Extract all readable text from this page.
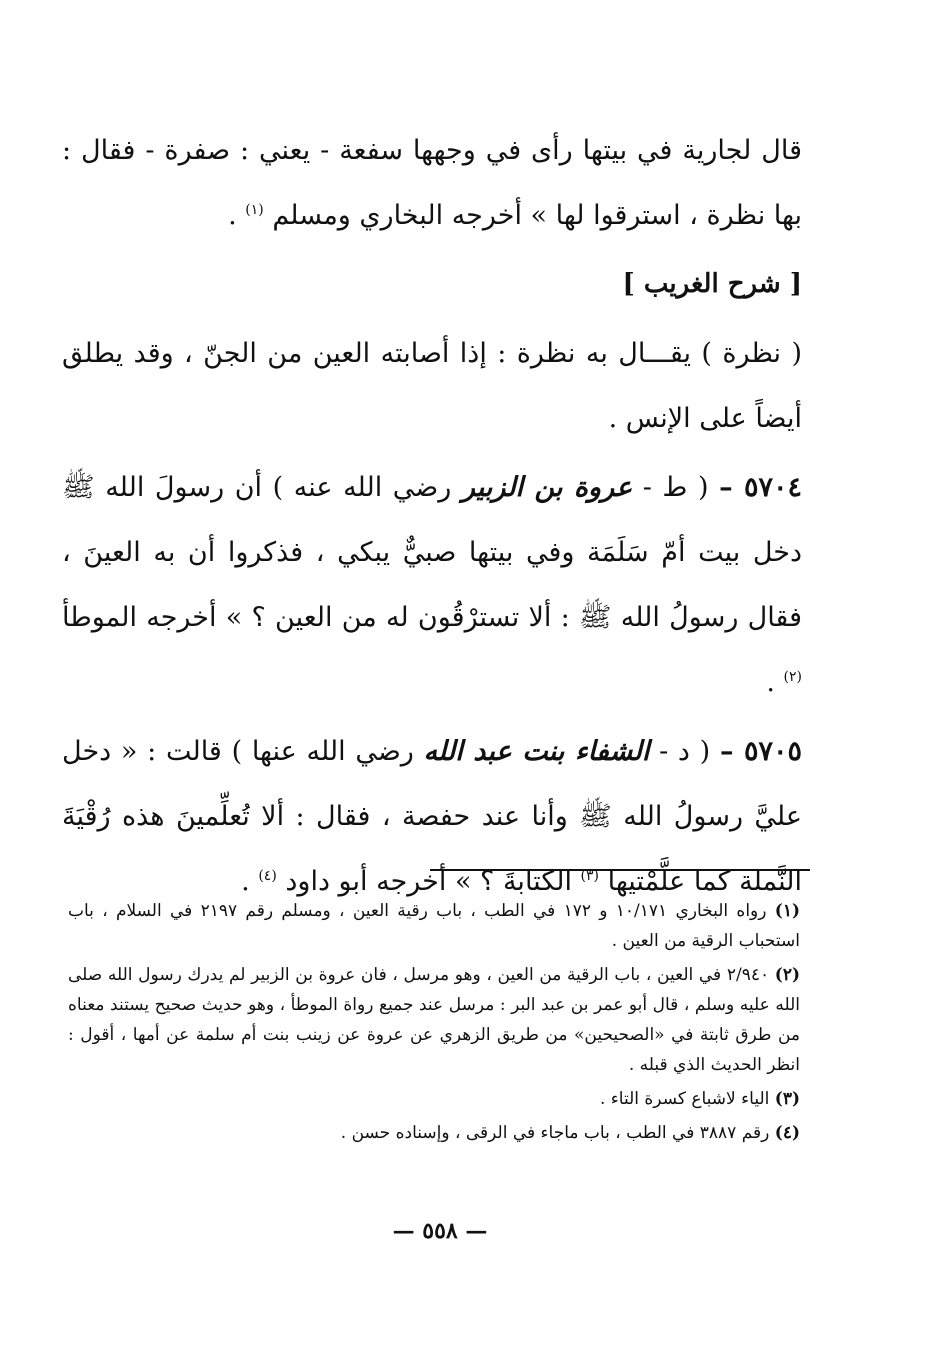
قال لجارية في بيتها رأى في وجهها سفعة - يعني : صفرة - فقال : بها نظرة ، استرقوا لها » أخرجه البخاري ومسلم $^{(١)}$ .

[ شرح الغريب ]

( نظرة ) يقـــال به نظرة : إذا أصابته العين من الجنّ ، وقد يطلق أيضاً على الإنس .

٥٧٠٤ – ( ط - عروة بن الزبير رضي الله عنه ) أن رسولَ الله ﷺ دخل بيت أمّ سَلَمَة وفي بيتها صبيٌّ يبكي ، فذكروا أن به العينَ ، فقال رسولُ الله ﷺ : ألا تسترْقُون له من العين ؟ » أخرجه الموطأ $^{(٢)}$ .

٥٧٠٥ – ( د - الشفاء بنت عبد الله رضي الله عنها ) قالت : « دخل عليَّ رسولُ الله ﷺ وأنا عند حفصة ، فقال : ألا تُعلِّمينَ هذه رُقْيَةَ النَّملة كما علَّمْتيها $^{(٣)}$ الكتابةَ ؟ » أخرجه أبو داود $^{(٤)}$ .

(١) رواه البخاري ١٠/١٧١ و ١٧٢ في الطب ، باب رقية العين ، ومسلم رقم ٢١٩٧ في السلام ، باب استحباب الرقية من العين .

(٢) ٢/٩٤٠ في العين ، باب الرقية من العين ، وهو مرسل ، فان عروة بن الزبير لم يدرك رسول الله صلى الله عليه وسلم ، قال أبو عمر بن عبد البر : مرسل عند جميع رواة الموطأ ، وهو حديث صحيح يستند معناه من طرق ثابتة في «الصحيحين» من طريق الزهري عن عروة عن زينب بنت أم سلمة عن أمها ، أقول : انظر الحديث الذي قبله .

(٣) الياء لاشباع كسرة التاء .

(٤) رقم ٣٨٨٧ في الطب ، باب ماجاء في الرقى ، وإسناده حسن .

— ٥٥٨ —
